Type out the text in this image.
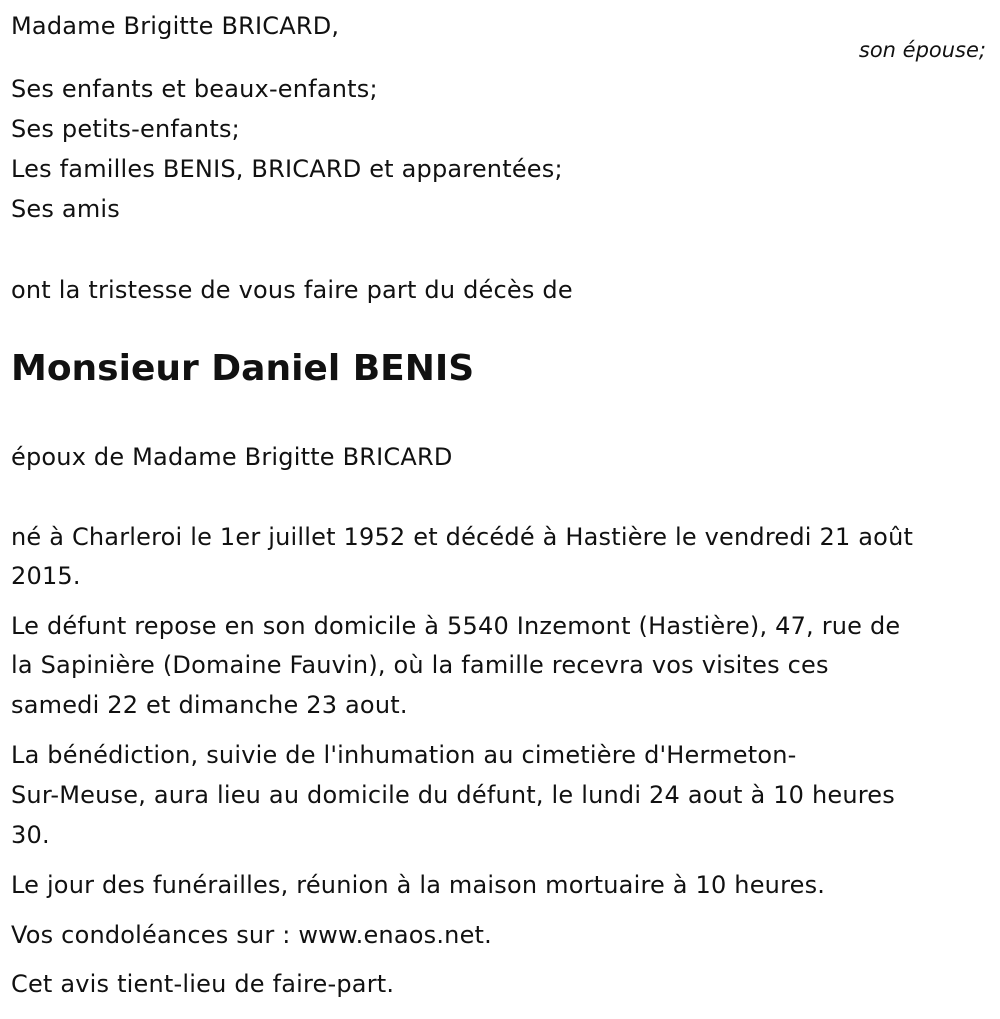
Madame Brigitte BRICARD,
son épouse;
Ses enfants et beaux-enfants;
Ses petits-enfants;
Les familles BENIS, BRICARD et apparentées;
Ses amis
ont la tristesse de vous faire part du décès de
Monsieur Daniel BENIS
époux de Madame Brigitte BRICARD
né à Charleroi le 1er juillet 1952 et décédé à Hastière le vendredi 21 août
2015.
Le défunt repose en son domicile à 5540 Inzemont (Hastière), 47, rue de
la Sapinière (Domaine Fauvin), où la famille recevra vos visites ces
samedi 22 et dimanche 23 aout.
La bénédiction, suivie de l'inhumation au cimetière d'Hermeton-
Sur-Meuse, aura lieu au domicile du défunt, le lundi 24 aout à 10 heures
30.
Le jour des funérailles, réunion à la maison mortuaire à 10 heures.
Vos condoléances sur : www.enaos.net.
Cet avis tient-lieu de faire-part.
